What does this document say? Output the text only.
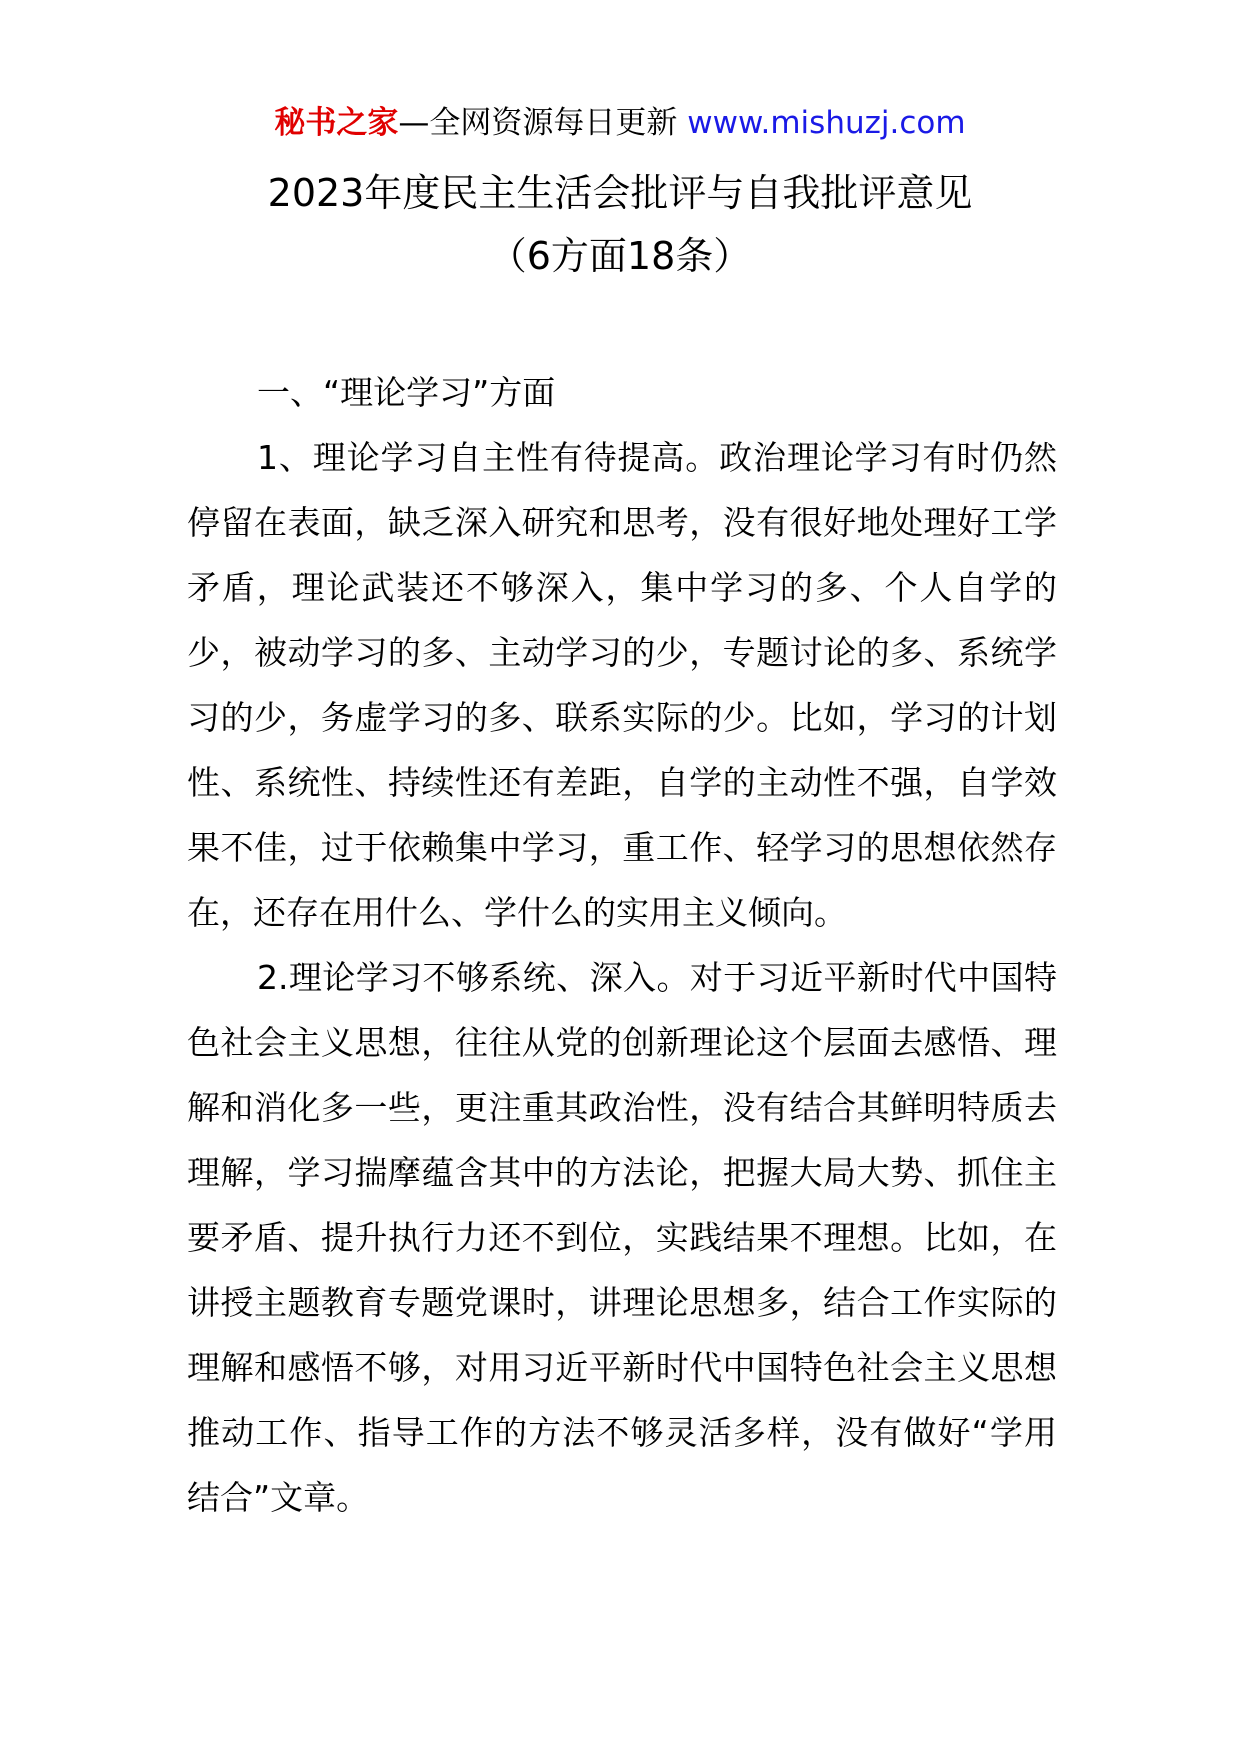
秘书之家—全网资源每日更新 www.mishuzj.com
2023年度民主生活会批评与自我批评意见
（6方面18条）

一、“理论学习”方面

1、理论学习自主性有待提高。政治理论学习有时仍然停留在表面，缺乏深入研究和思考，没有很好地处理好工学矛盾，理论武装还不够深入，集中学习的多、个人自学的少，被动学习的多、主动学习的少，专题讨论的多、系统学习的少，务虚学习的多、联系实际的少。比如，学习的计划性、系统性、持续性还有差距，自学的主动性不强，自学效果不佳，过于依赖集中学习，重工作、轻学习的思想依然存在，还存在用什么、学什么的实用主义倾向。

2.理论学习不够系统、深入。对于习近平新时代中国特色社会主义思想，往往从党的创新理论这个层面去感悟、理解和消化多一些，更注重其政治性，没有结合其鲜明特质去理解，学习揣摩蕴含其中的方法论，把握大局大势、抓住主要矛盾、提升执行力还不到位，实践结果不理想。比如，在讲授主题教育专题党课时，讲理论思想多，结合工作实际的理解和感悟不够，对用习近平新时代中国特色社会主义思想推动工作、指导工作的方法不够灵活多样，没有做好“学用结合”文章。
